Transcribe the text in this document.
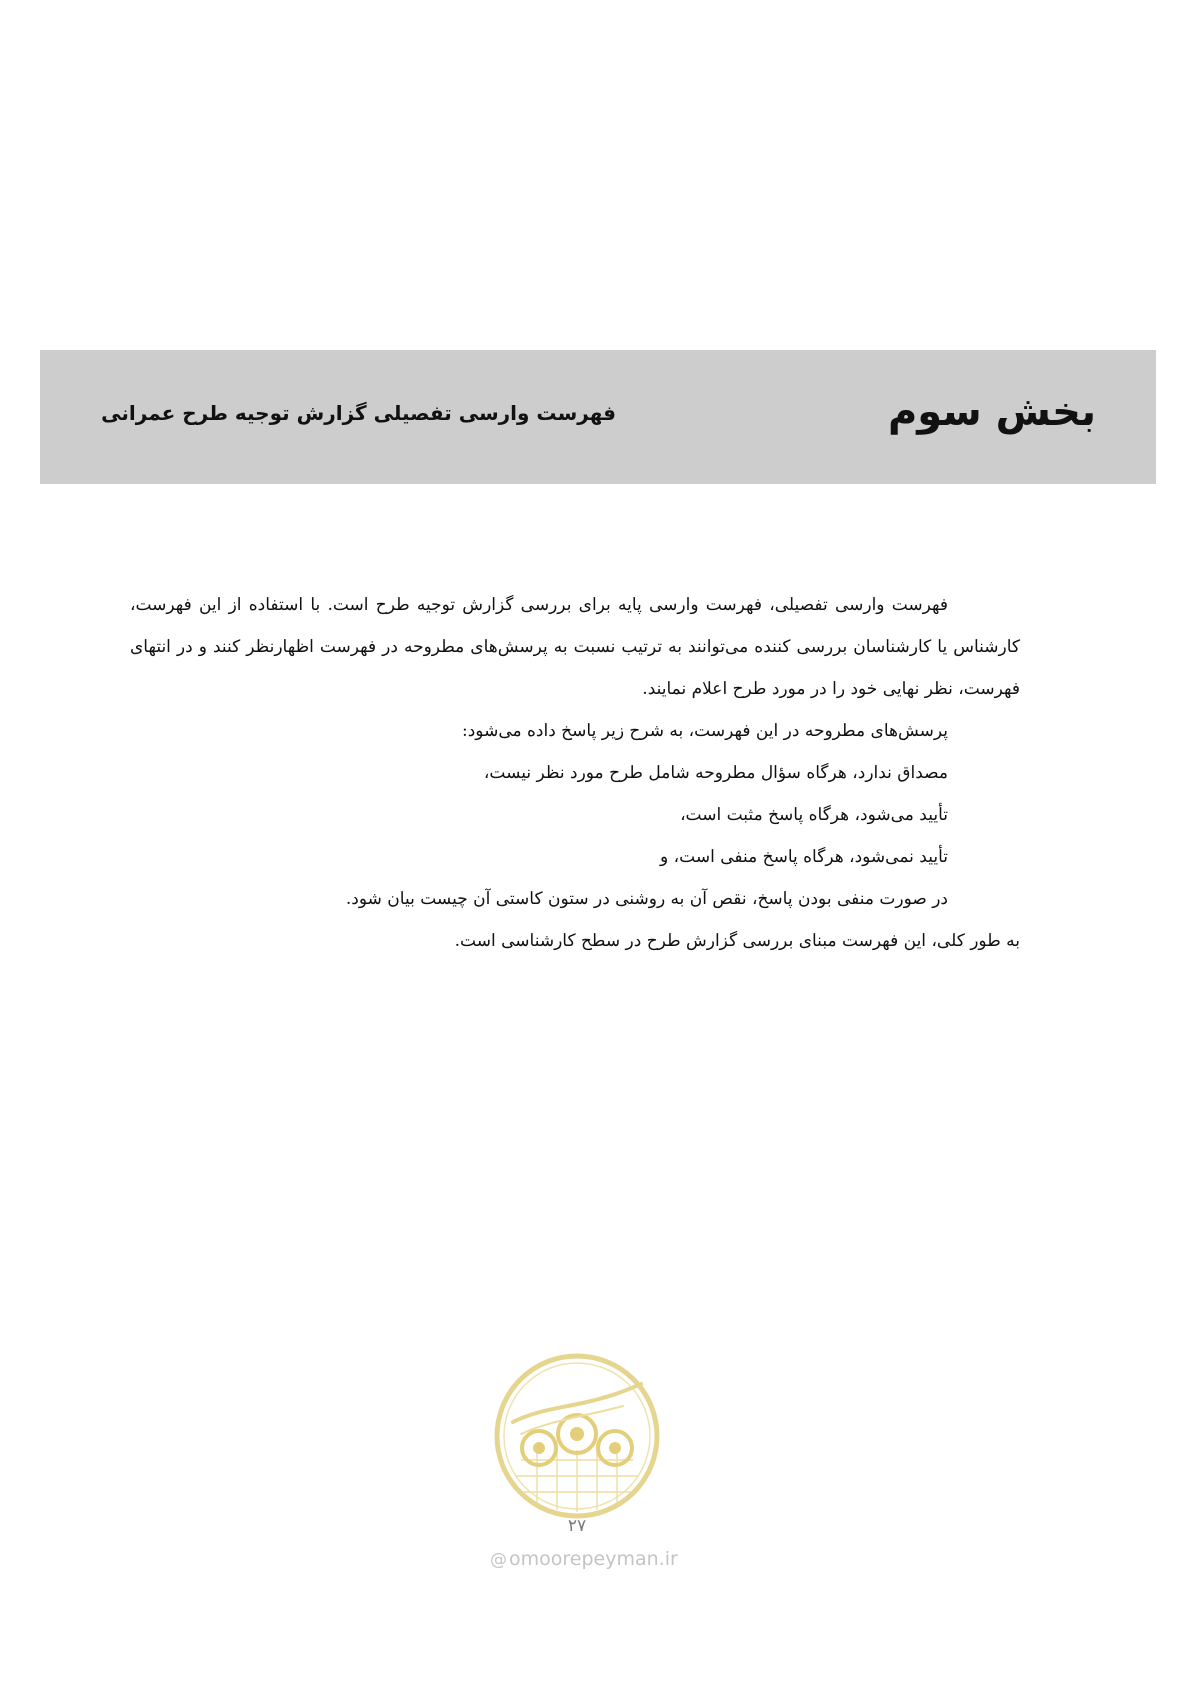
بخش سوم
فهرست وارسی تفصیلی گزارش توجیه طرح عمرانی

فهرست وارسی تفصیلی، فهرست وارسی پایه برای بررسی گزارش توجیه طرح است. با استفاده از این فهرست، کارشناس یا کارشناسان بررسی کننده می‌توانند به ترتیب نسبت به پرسش‌های مطروحه در فهرست اظهارنظر کنند و در انتهای فهرست، نظر نهایی خود را در مورد طرح اعلام نمایند.

پرسش‌های مطروحه در این فهرست، به شرح زیر پاسخ داده می‌شود:

مصداق ندارد، هرگاه سؤال مطروحه شامل طرح مورد نظر نیست،

تأیید می‌شود، هرگاه پاسخ مثبت است،

تأیید نمی‌شود، هرگاه پاسخ منفی است، و

در صورت منفی بودن پاسخ، نقص آن به روشنی در ستون کاستی آن چیست بیان شود.

به طور کلی، این فهرست مبنای بررسی گزارش طرح در سطح کارشناسی است.

۲۷
@ omoorepeyman.ir
